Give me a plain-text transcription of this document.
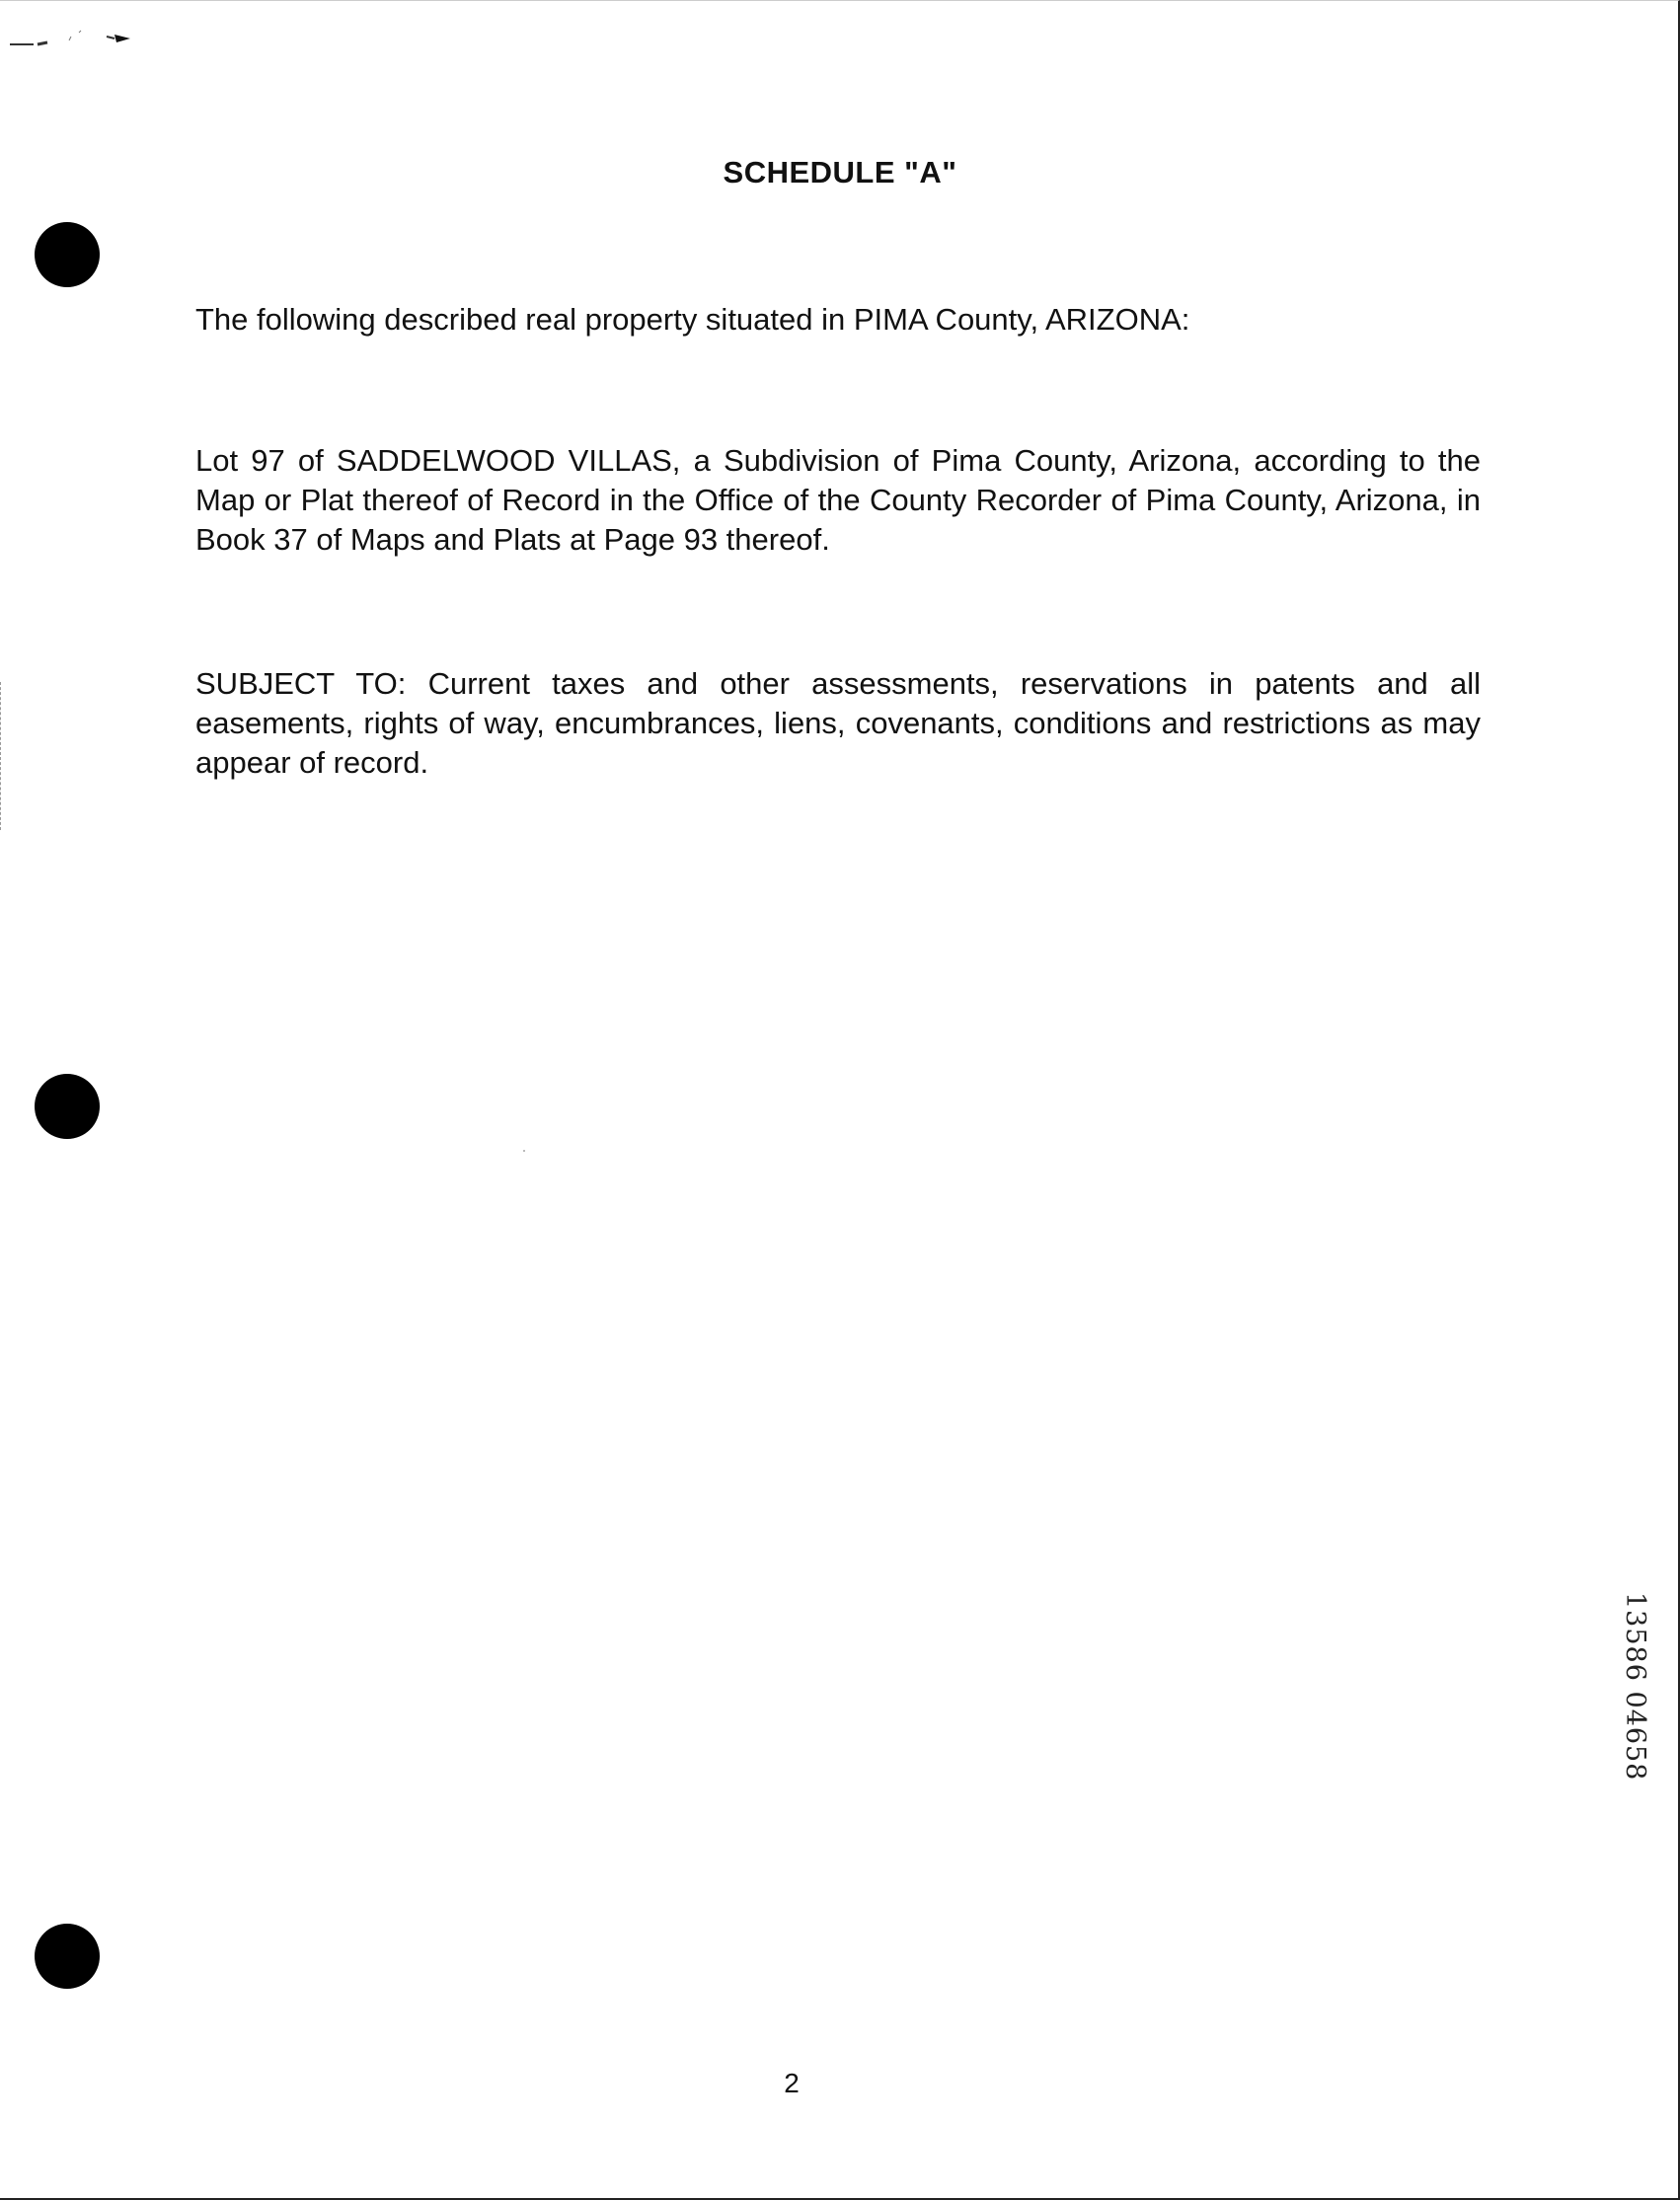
SCHEDULE "A"
The following described real property situated in PIMA County, ARIZONA:
Lot 97 of SADDELWOOD VILLAS, a Subdivision of Pima County, Arizona, according to the Map or Plat thereof of Record in the Office of the County Recorder of Pima County, Arizona, in Book 37 of Maps and Plats at Page 93 thereof.
SUBJECT TO: Current taxes and other assessments, reservations in patents and all easements, rights of way, encumbrances, liens, covenants, conditions and restrictions as may appear of record.
13586 04658
2
